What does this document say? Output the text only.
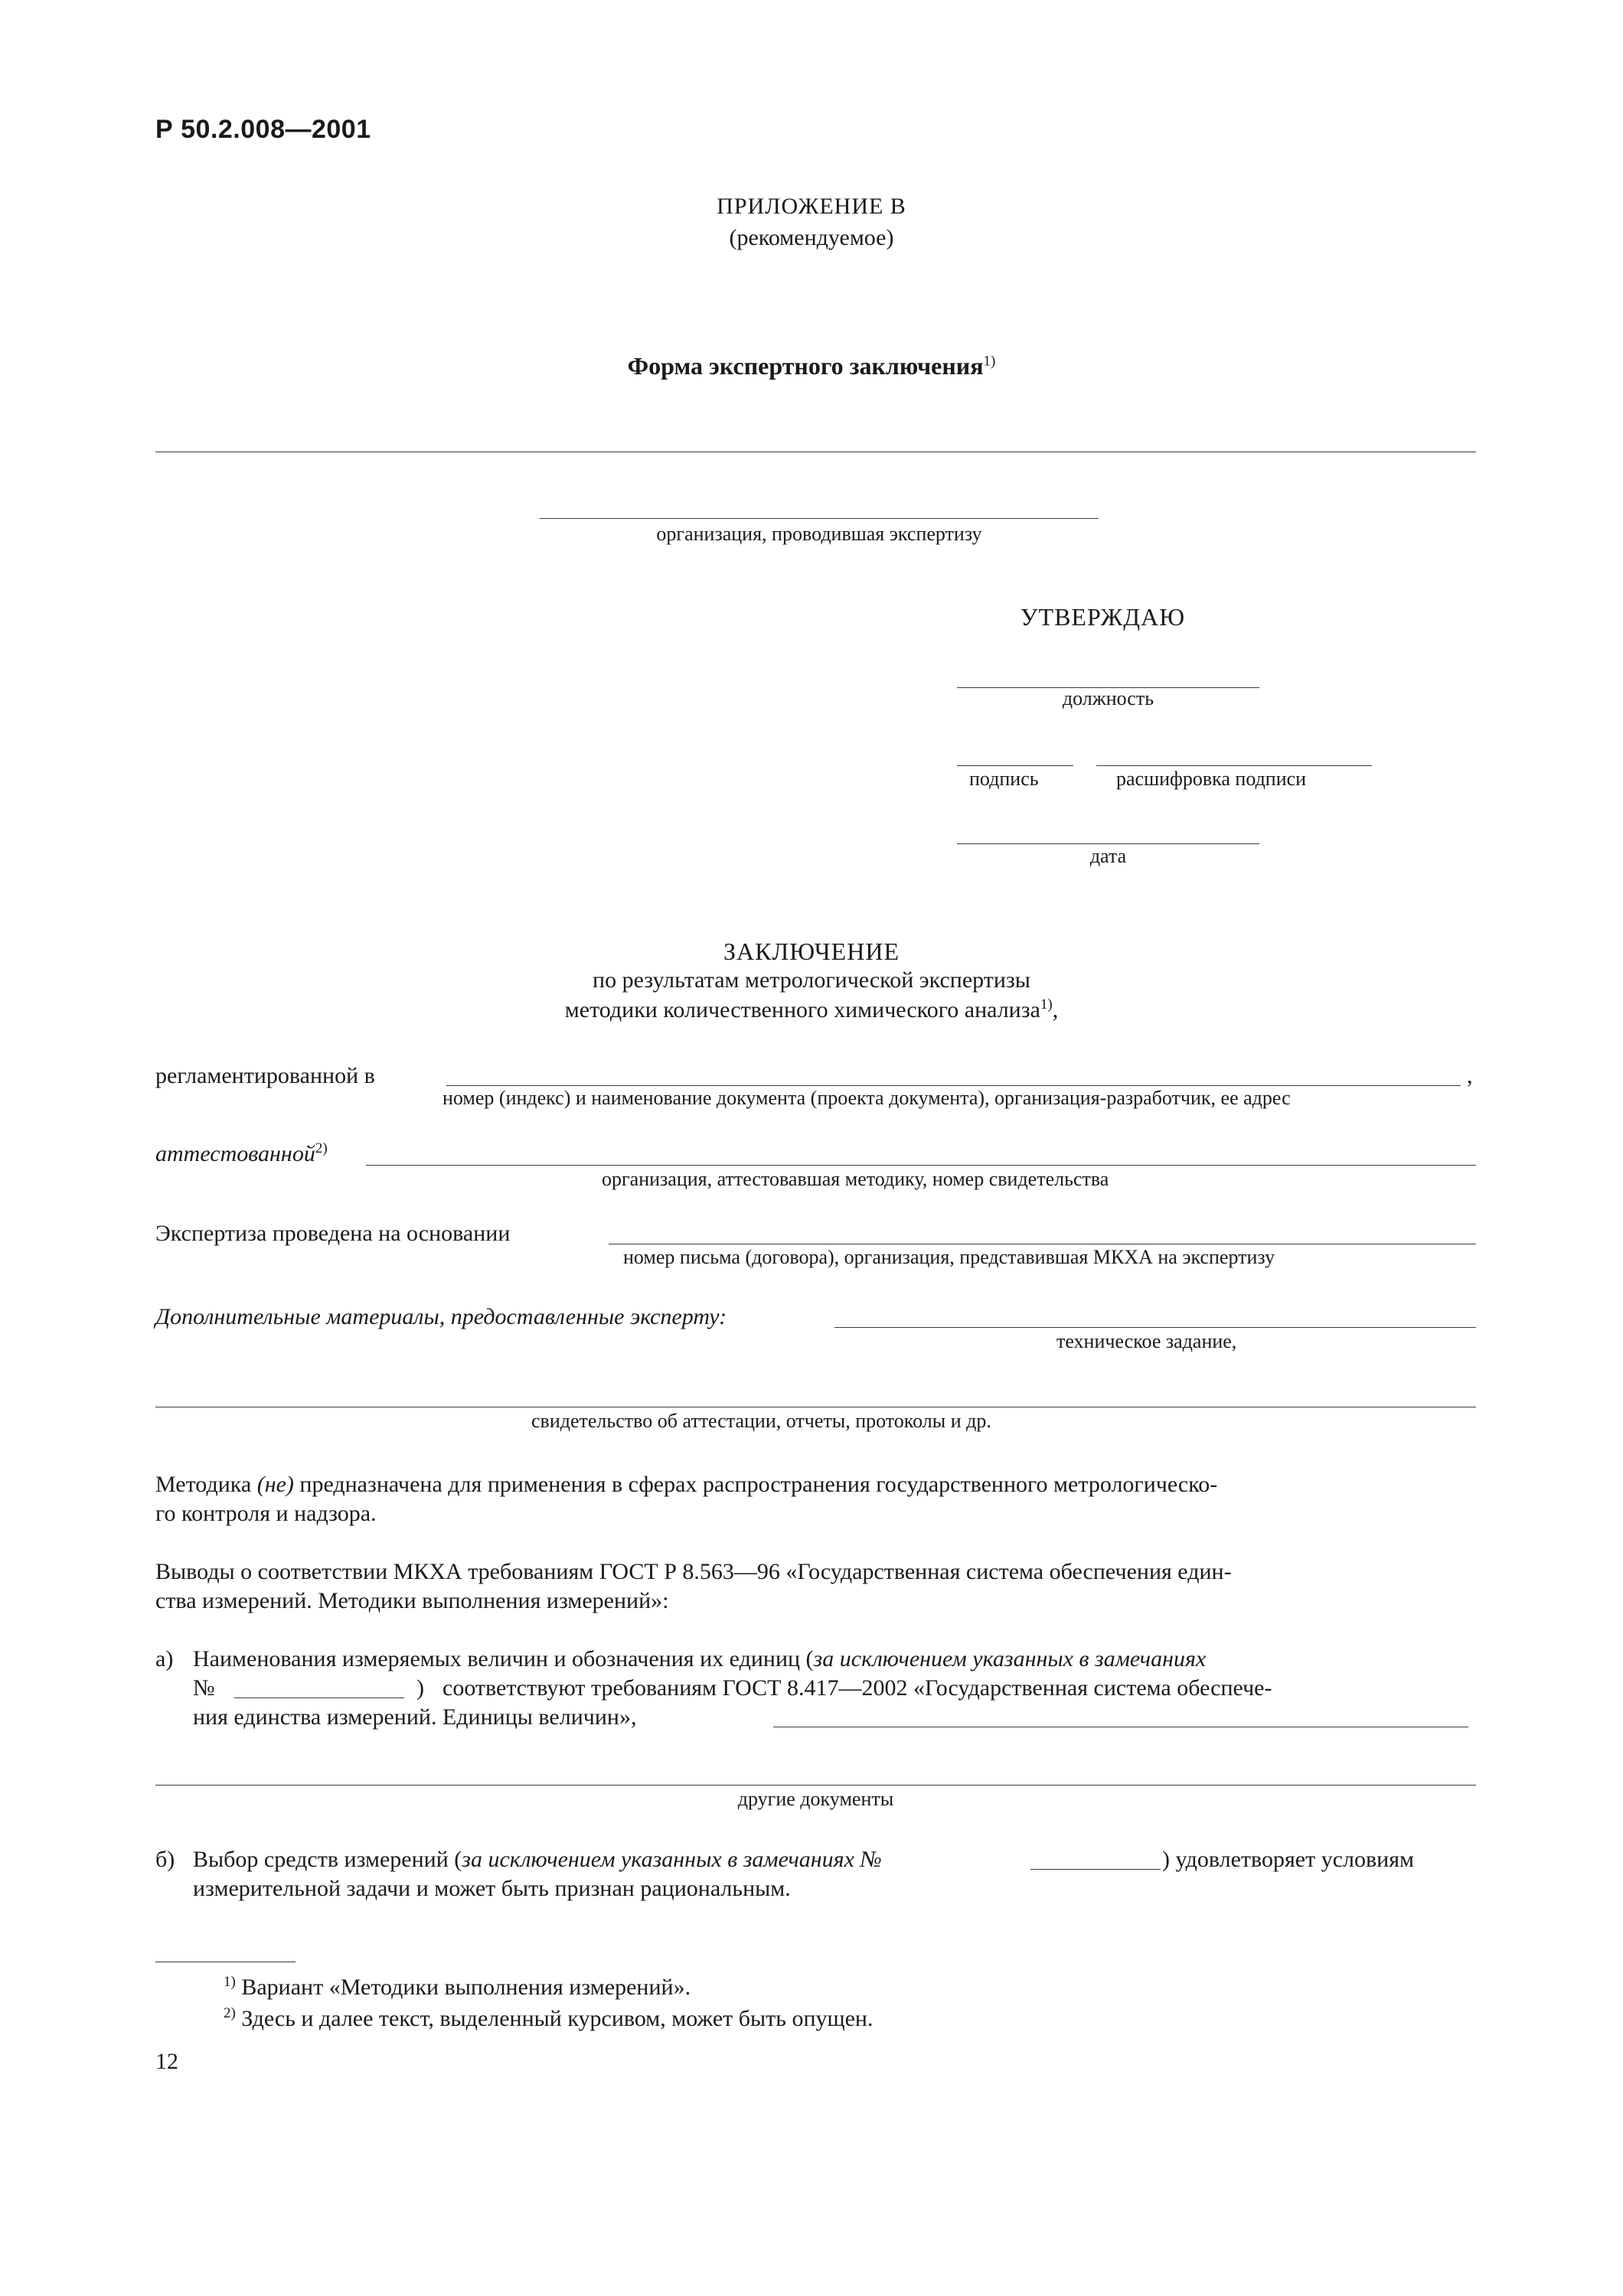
Р 50.2.008—2001
ПРИЛОЖЕНИЕ В
(рекомендуемое)
Форма экспертного заключения$^{1)}$
организация, проводившая экспертизу
УТВЕРЖДАЮ
должность
подпись	расшифровка подписи
дата
ЗАКЛЮЧЕНИЕ
по результатам метрологической экспертизы
методики количественного химического анализа$^{1)}$,
регламентированной в	,
номер (индекс) и наименование документа (проекта документа), организация-разработчик, ее адрес
аттестованной$^{2)}$
организация, аттестовавшая методику, номер свидетельства
Экспертиза проведена на основании
номер письма (договора), организация, представившая МКХА на экспертизу
Дополнительные материалы, предоставленные эксперту:
техническое задание,
свидетельство об аттестации, отчеты, протоколы и др.
Методика (не) предназначена для применения в сферах распространения государственного метрологическо-
го контроля и надзора.
Выводы о соответствии МКХА требованиям ГОСТ Р 8.563—96 «Государственная система обеспечения един-
ства измерений. Методики выполнения измерений»:
а) Наименования измеряемых величин и обозначения их единиц (за исключением указанных в замечаниях
№	) соответствуют требованиям ГОСТ 8.417—2002 «Государственная система обеспече-
ния единства измерений. Единицы величин»,
другие документы
б) Выбор средств измерений (за исключением указанных в замечаниях №	) удовлетворяет условиям
измерительной задачи и может быть признан рациональным.
$^{1)}$ Вариант «Методики выполнения измерений».
$^{2)}$ Здесь и далее текст, выделенный курсивом, может быть опущен.
12
